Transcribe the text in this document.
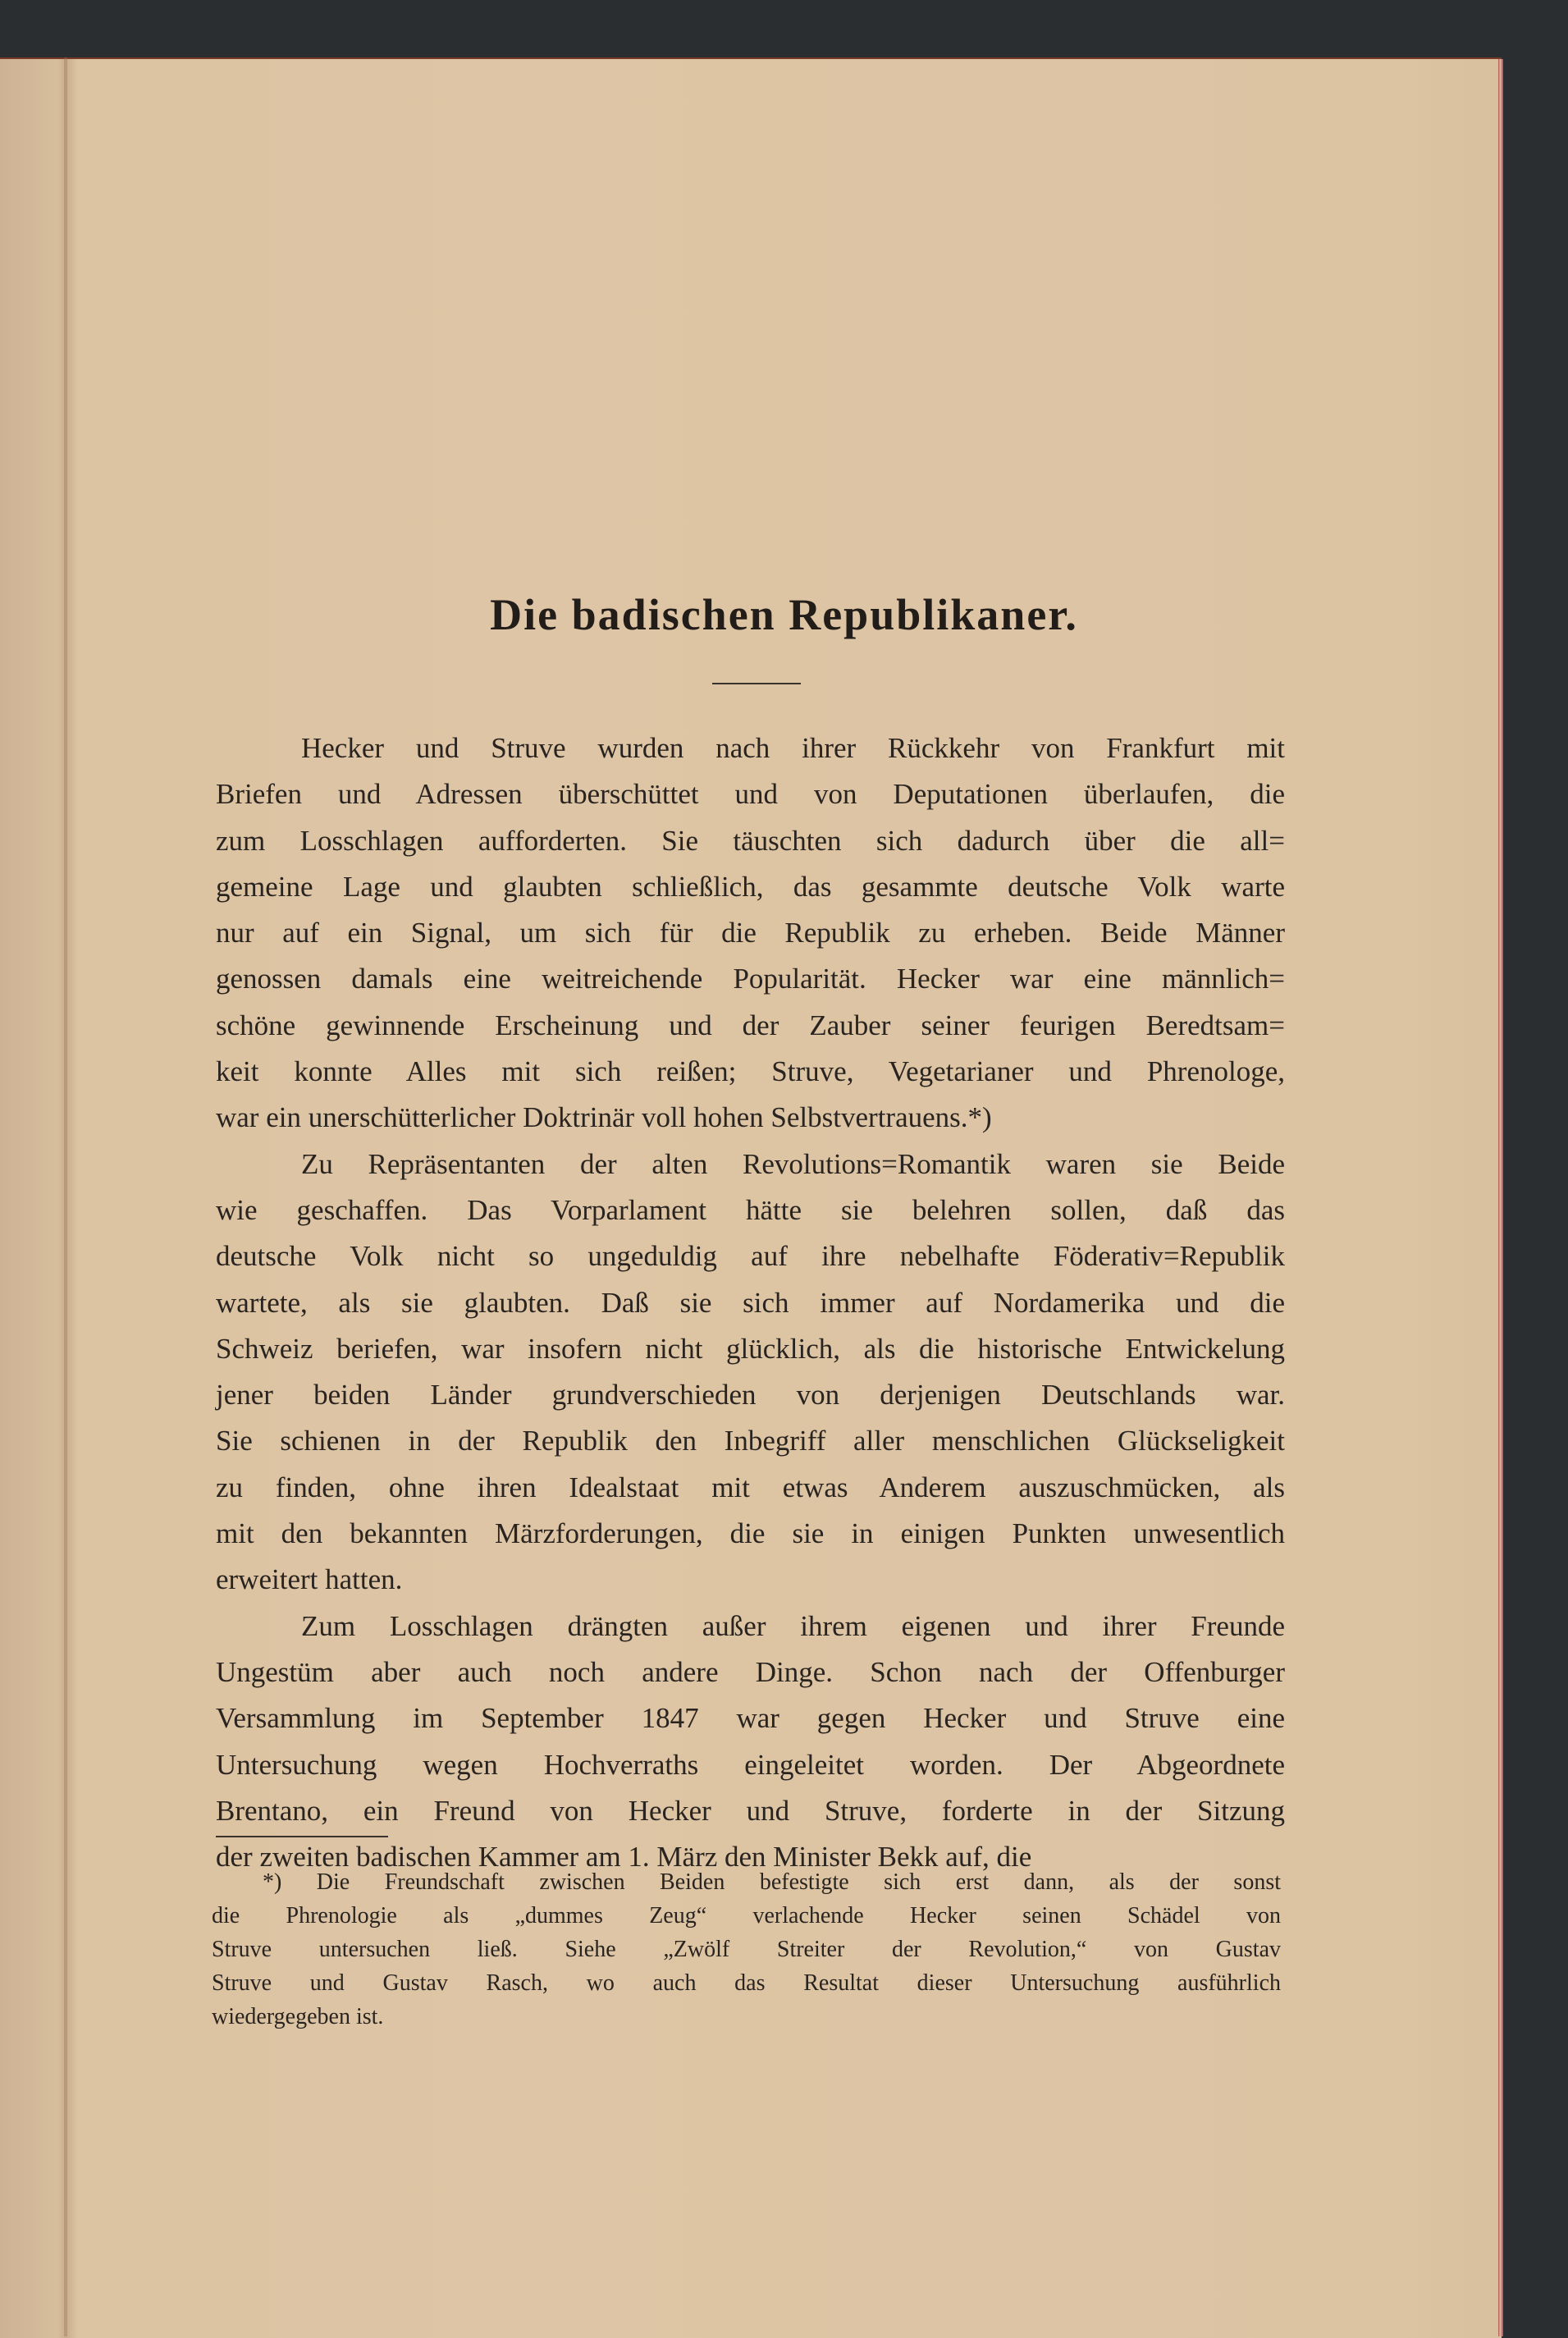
Die badischen Republikaner.
Hecker und Struve wurden nach ihrer Rückkehr von Frankfurt mit
Briefen und Adressen überschüttet und von Deputationen überlaufen, die
zum Losschlagen aufforderten. Sie täuschten sich dadurch über die all=
gemeine Lage und glaubten schließlich, das gesammte deutsche Volk warte
nur auf ein Signal, um sich für die Republik zu erheben. Beide Männer
genossen damals eine weitreichende Popularität. Hecker war eine männlich=
schöne gewinnende Erscheinung und der Zauber seiner feurigen Beredtsam=
keit konnte Alles mit sich reißen; Struve, Vegetarianer und Phrenologe,
war ein unerschütterlicher Doktrinär voll hohen Selbstvertrauens.*)
Zu Repräsentanten der alten Revolutions=Romantik waren sie Beide
wie geschaffen. Das Vorparlament hätte sie belehren sollen, daß das
deutsche Volk nicht so ungeduldig auf ihre nebelhafte Föderativ=Republik
wartete, als sie glaubten. Daß sie sich immer auf Nordamerika und die
Schweiz beriefen, war insofern nicht glücklich, als die historische Entwickelung
jener beiden Länder grundverschieden von derjenigen Deutschlands war.
Sie schienen in der Republik den Inbegriff aller menschlichen Glückseligkeit
zu finden, ohne ihren Idealstaat mit etwas Anderem auszuschmücken, als
mit den bekannten Märzforderungen, die sie in einigen Punkten unwesentlich
erweitert hatten.
Zum Losschlagen drängten außer ihrem eigenen und ihrer Freunde
Ungestüm aber auch noch andere Dinge. Schon nach der Offenburger
Versammlung im September 1847 war gegen Hecker und Struve eine
Untersuchung wegen Hochverraths eingeleitet worden. Der Abgeordnete
Brentano, ein Freund von Hecker und Struve, forderte in der Sitzung
der zweiten badischen Kammer am 1. März den Minister Bekk auf, die
*) Die Freundschaft zwischen Beiden befestigte sich erst dann, als der sonst
die Phrenologie als „dummes Zeug“ verlachende Hecker seinen Schädel von
Struve untersuchen ließ. Siehe „Zwölf Streiter der Revolution,“ von Gustav
Struve und Gustav Rasch, wo auch das Resultat dieser Untersuchung ausführlich
wiedergegeben ist.
